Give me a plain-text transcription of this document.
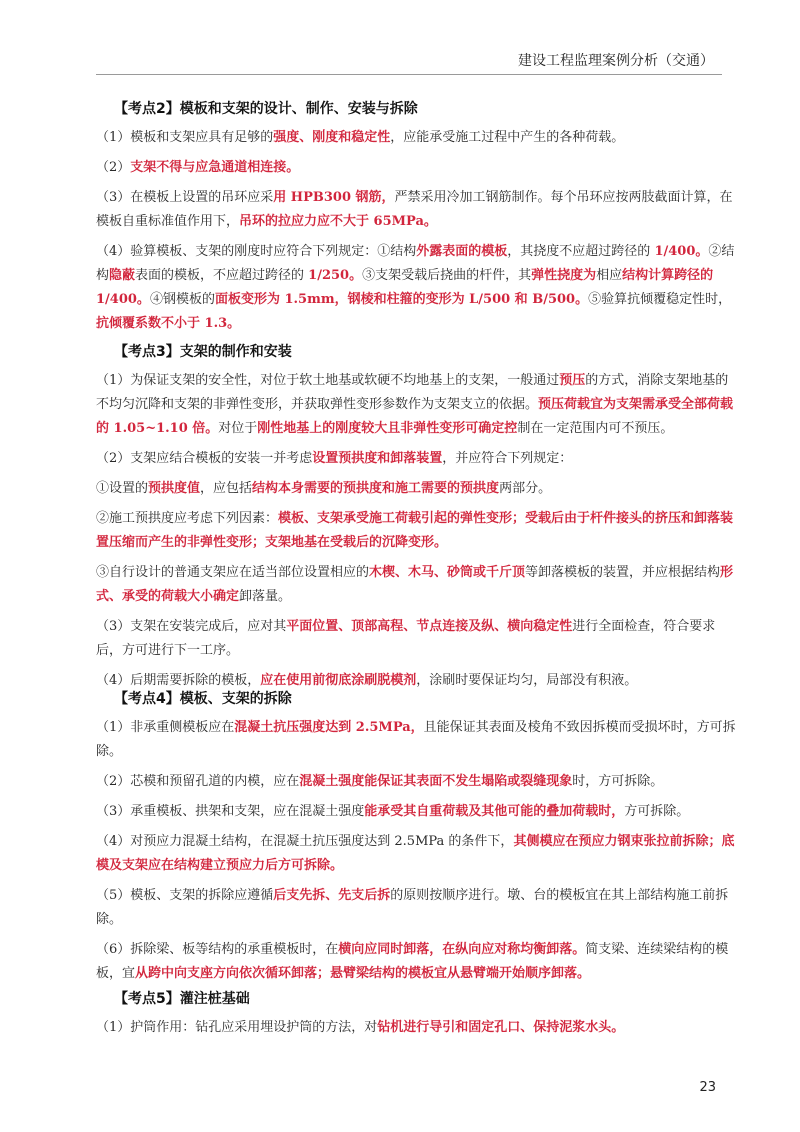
建设工程监理案例分析（交通）
【考点2】模板和支架的设计、制作、安装与拆除

（1）模板和支架应具有足够的强度、刚度和稳定性，应能承受施工过程中产生的各种荷载。

（2）支架不得与应急通道相连接。

（3）在模板上设置的吊环应采用 HPB300 钢筋，严禁采用冷加工钢筋制作。每个吊环应按两肢截面计算，在模板自重标准值作用下，吊环的拉应力应不大于 65MPa。

（4）验算模板、支架的刚度时应符合下列规定：①结构外露表面的模板，其挠度不应超过跨径的 1/400。②结构隐蔽表面的模板，不应超过跨径的 1/250。③支架受载后挠曲的杆件，其弹性挠度为相应结构计算跨径的 1/400。④钢模板的面板变形为 1.5mm，钢棱和柱箍的变形为 L/500 和 B/500。⑤验算抗倾覆稳定性时，抗倾覆系数不小于 1.3。

【考点3】支架的制作和安装

（1）为保证支架的安全性，对位于软土地基或软硬不均地基上的支架，一般通过预压的方式，消除支架地基的不均匀沉降和支架的非弹性变形，并获取弹性变形参数作为支架支立的依据。预压荷载宜为支架需承受全部荷载的 1.05~1.10 倍。对位于刚性地基上的刚度较大且非弹性变形可确定控制在一定范围内可不预压。

（2）支架应结合模板的安装一并考虑设置预拱度和卸落装置，并应符合下列规定：

①设置的预拱度值，应包括结构本身需要的预拱度和施工需要的预拱度两部分。

②施工预拱度应考虑下列因素：模板、支架承受施工荷载引起的弹性变形；受载后由于杆件接头的挤压和卸落装置压缩而产生的非弹性变形；支架地基在受载后的沉降变形。

③自行设计的普通支架应在适当部位设置相应的木楔、木马、砂筒或千斤顶等卸落模板的装置，并应根据结构形式、承受的荷载大小确定卸落量。

（3）支架在安装完成后，应对其平面位置、顶部高程、节点连接及纵、横向稳定性进行全面检查，符合要求后，方可进行下一工序。

（4）后期需要拆除的模板，应在使用前彻底涂刷脱模剂，涂刷时要保证均匀，局部没有积液。

【考点4】模板、支架的拆除

（1）非承重侧模板应在混凝土抗压强度达到 2.5MPa，且能保证其表面及棱角不致因拆模而受损坏时，方可拆除。

（2）芯模和预留孔道的内模，应在混凝土强度能保证其表面不发生塌陷或裂缝现象时，方可拆除。

（3）承重模板、拱架和支架，应在混凝土强度能承受其自重荷载及其他可能的叠加荷载时，方可拆除。

（4）对预应力混凝土结构，在混凝土抗压强度达到 2.5MPa 的条件下，其侧模应在预应力钢束张拉前拆除；底模及支架应在结构建立预应力后方可拆除。

（5）模板、支架的拆除应遵循后支先拆、先支后拆的原则按顺序进行。墩、台的模板宜在其上部结构施工前拆除。

（6）拆除梁、板等结构的承重模板时，在横向应同时卸落，在纵向应对称均衡卸落。简支梁、连续梁结构的模板，宜从跨中向支座方向依次循环卸落；悬臂梁结构的模板宜从悬臂端开始顺序卸落。

【考点5】灌注桩基础

（1）护筒作用：钻孔应采用埋设护筒的方法，对钻机进行导引和固定孔口、保持泥浆水头。

23
